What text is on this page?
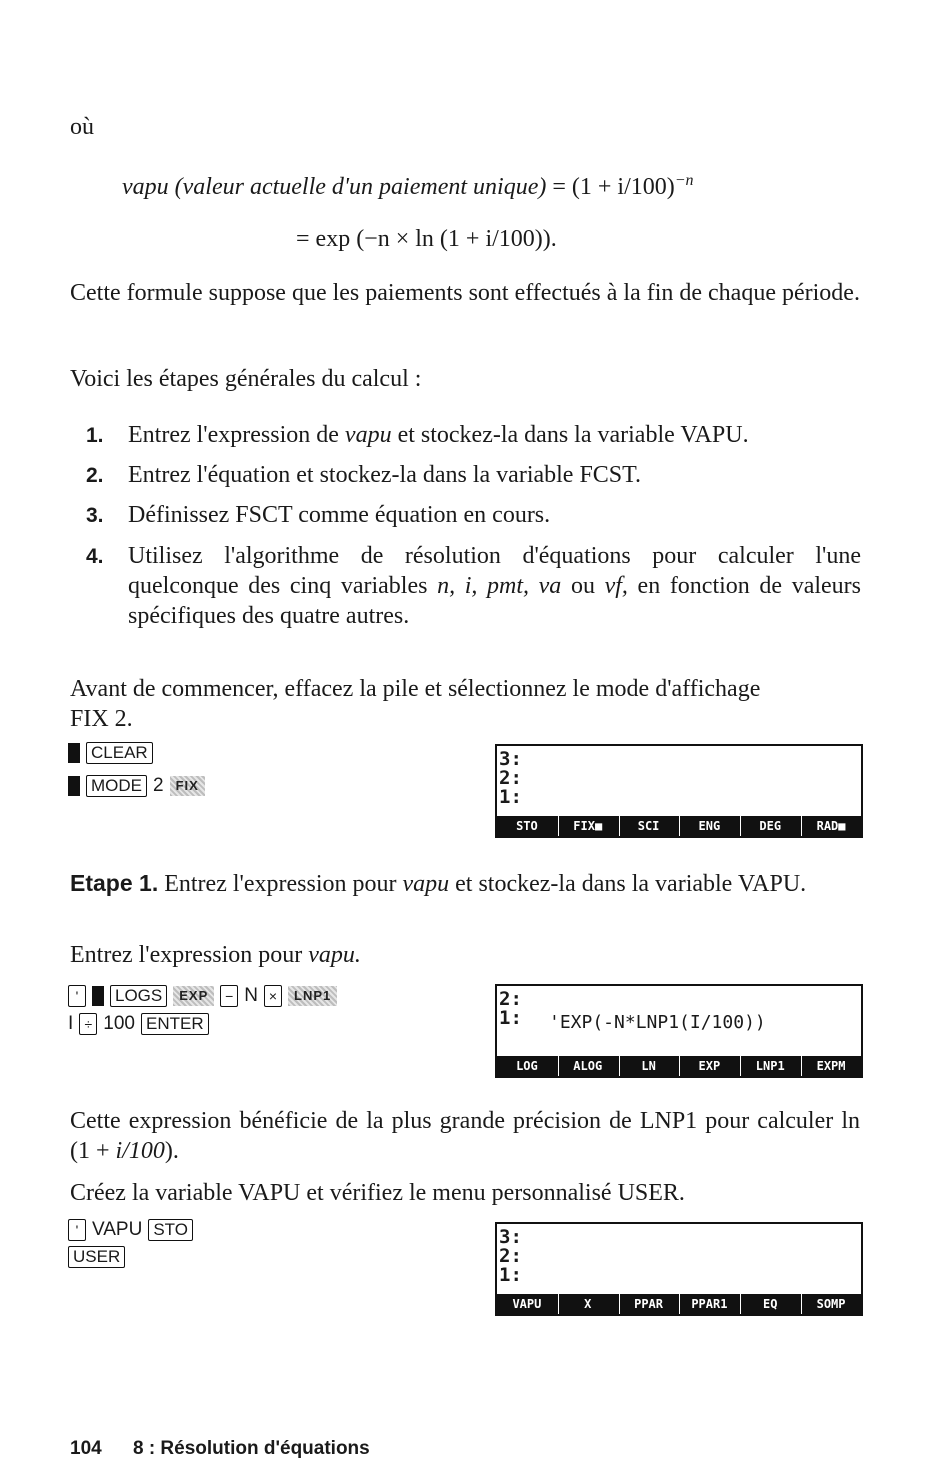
où
vapu (valeur actuelle d'un paiement unique) = $(1 + i/100)^{-n}$
= exp (−n × ln (1 + i/100)).
Cette formule suppose que les paiements sont effectués à la fin de chaque période.
Voici les étapes générales du calcul :
1. Entrez l'expression de vapu et stockez-la dans la variable VAPU.
2. Entrez l'équation et stockez-la dans la variable FCST.
3. Définissez FSCT comme équation en cours.
4. Utilisez l'algorithme de résolution d'équations pour calculer l'une quelconque des cinq variables n, i, pmt, va ou vf, en fonction de valeurs spécifiques des quatre autres.
Avant de commencer, effacez la pile et sélectionnez le mode d'affichage FIX 2.
CLEAR
MODE 2 FIX
3:
2:
1:
STO	FIX■	SCI	ENG	DEG	RAD■
Etape 1. Entrez l'expression pour vapu et stockez-la dans la variable VAPU.
Entrez l'expression pour vapu.
'	LOGS	EXP	− N ×	LNP1
I ÷ 100 ENTER
2:
1: 'EXP(-N*LNP1(I/100))
LOG	ALOG	LN	EXP	LNP1	EXPM
Cette expression bénéficie de la plus grande précision de LNP1 pour calculer ln (1 + i/100).
Créez la variable VAPU et vérifiez le menu personnalisé USER.
' VAPU STO
USER
3:
2:
1:
VAPU	X	PPAR	PPAR1	EQ	SOMP
104 8 : Résolution d'équations
